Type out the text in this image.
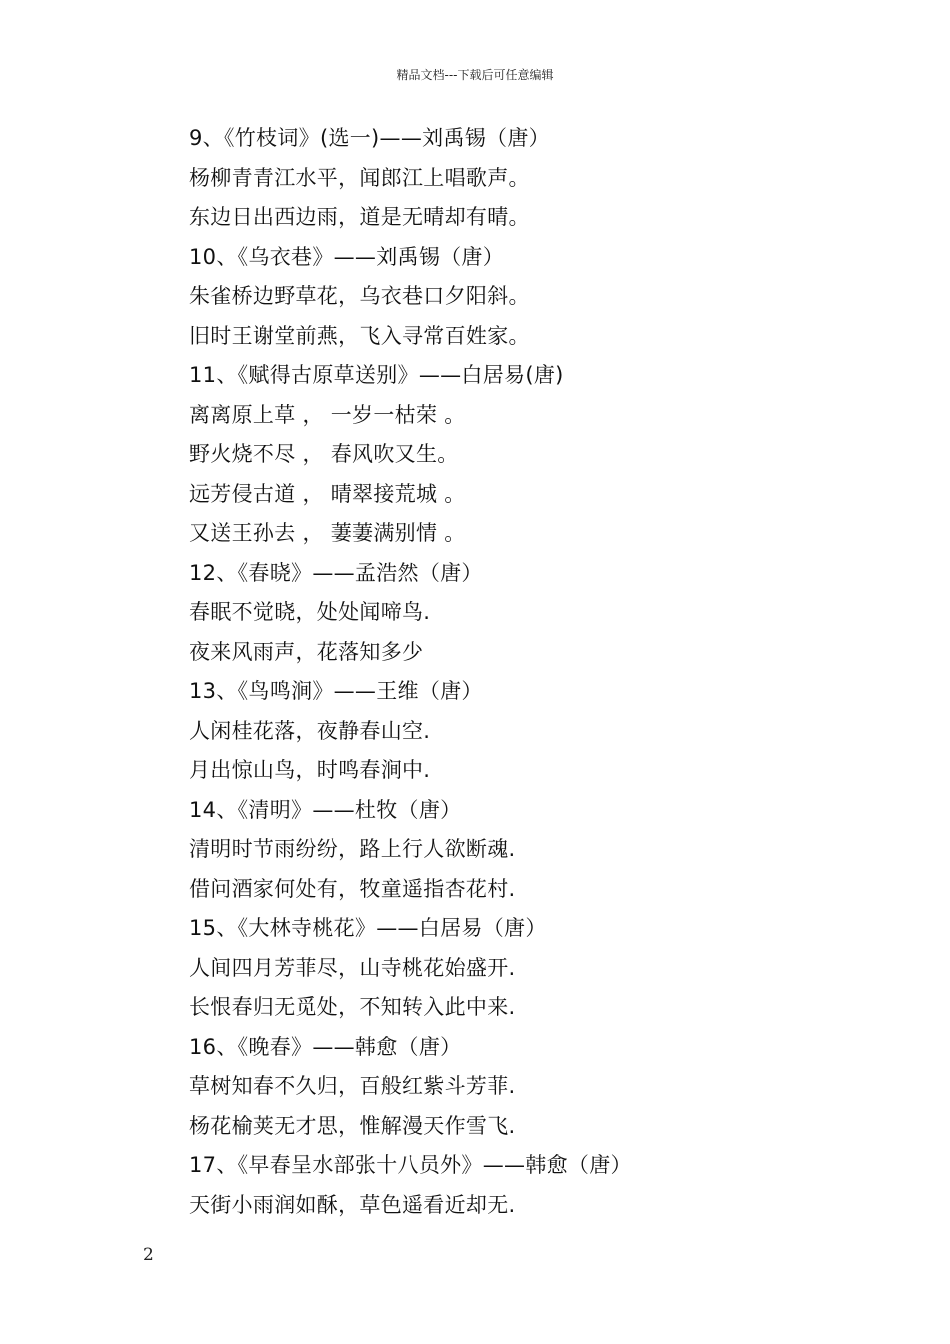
精品文档---下载后可任意编辑
9、《竹枝词》(选一)——刘禹锡（唐）
杨柳青青江水平，闻郎江上唱歌声。
东边日出西边雨，道是无晴却有晴。
10、《乌衣巷》——刘禹锡（唐）
朱雀桥边野草花，乌衣巷口夕阳斜。
旧时王谢堂前燕，飞入寻常百姓家。
11、《赋得古原草送别》——白居易(唐)
离离原上草 ， 一岁一枯荣 。
野火烧不尽 ， 春风吹又生。
远芳侵古道 ， 晴翠接荒城 。
又送王孙去 ， 萋萋满别情 。
12、《春晓》——孟浩然（唐）
春眠不觉晓，处处闻啼鸟.
夜来风雨声，花落知多少
13、《鸟鸣涧》——王维（唐）
人闲桂花落，夜静春山空.
月出惊山鸟，时鸣春涧中.
14、《清明》——杜牧（唐）
清明时节雨纷纷，路上行人欲断魂.
借问酒家何处有，牧童遥指杏花村.
15、《大林寺桃花》——白居易（唐）
人间四月芳菲尽，山寺桃花始盛开.
长恨春归无觅处，不知转入此中来.
16、《晚春》——韩愈（唐）
草树知春不久归，百般红紫斗芳菲.
杨花榆荚无才思，惟解漫天作雪飞.
17、《早春呈水部张十八员外》——韩愈（唐）
天街小雨润如酥，草色遥看近却无.
2
